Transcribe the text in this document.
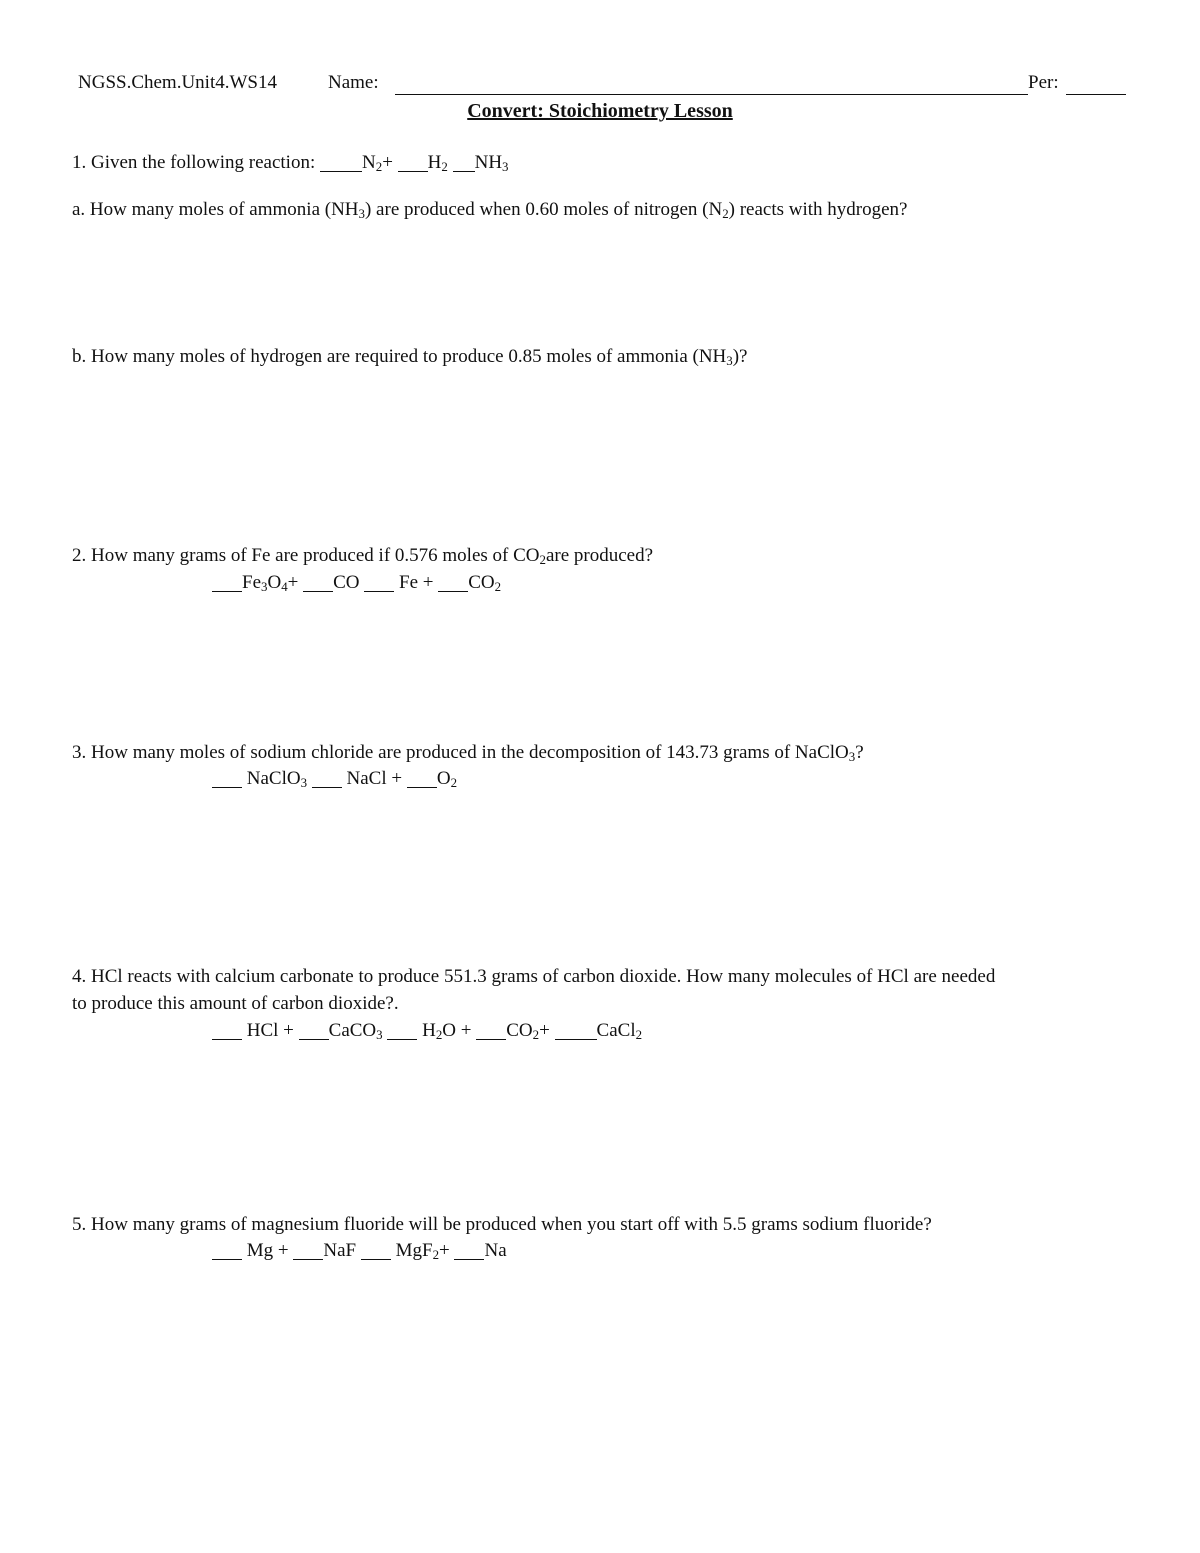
NGSS.Chem.Unit4.WS14	Name:	Per:
Convert: Stoichiometry Lesson
1. Given the following reaction: $N_2+ H_2$ $NH_3$
a. How many moles of ammonia $(NH_3)$ are produced when 0.60 moles of nitrogen $(N_2)$ reacts with hydrogen?
b. How many moles of hydrogen are required to produce 0.85 moles of ammonia $(NH_3)$?
2. How many grams of Fe are produced if 0.576 moles of $CO_2are$ produced?
$Fe_3O_4+$ CO $Fe + CO_2$
3. How many moles of sodium chloride are produced in the decomposition of 143.73 grams of NaClO$_3$?
NaClO$_3$ NaCl + $O_2$
4. HCl reacts with calcium carbonate to produce 551.3 grams of carbon dioxide. How many molecules of HCl are needed
to produce this amount of carbon dioxide?.
HCl + CaCO$_3$ $H_2O + CO_2+$ CaCl$_2$
5. How many grams of magnesium fluoride will be produced when you start off with 5.5 grams sodium fluoride?
Mg + NaF MgF$_2$+ Na
